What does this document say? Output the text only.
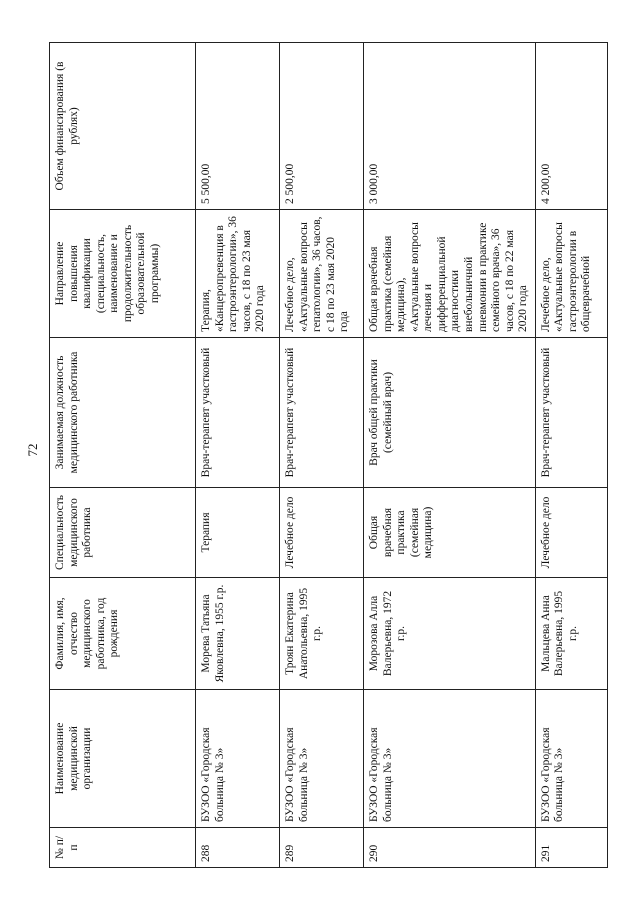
72
№ п/п	Наименование медицинской организации	Фамилия, имя, отчество медицинского работника, год рождения	Специальность медицинского работника	Занимаемая должность медицинского работника	Направление повышения квалификации (специальность, наименование и продолжительность образовательной программы)	Объем финансирования (в рублях)
288	БУЗОО «Городская больница № 3»	Морева Татьяна Яковлевна, 1955 г.р.	Терапия	Врач-терапевт участковый	Терапия, «Канцеропревенция в гастроэнтерологии», 36 часов, с 18 по 23 мая 2020 года	5 500,00
289	БУЗОО «Городская больница № 3»	Троян Екатерина Анатольевна, 1995 г.р.	Лечебное дело	Врач-терапевт участковый	Лечебное дело, «Актуальные вопросы гепатологии», 36 часов, с 18 по 23 мая 2020 года	2 500,00
290	БУЗОО «Городская больница № 3»	Морозова Алла Валерьевна, 1972 г.р.	Общая врачебная практика (семейная медицина)	Врач общей практики (семейный врач)	Общая врачебная практика (семейная медицина), «Актуальные вопросы лечения и дифференциальной диагностики внебольничной пневмонии в практике семейного врача», 36 часов, с 18 по 22 мая 2020 года	3 000,00
291	БУЗОО «Городская больница № 3»	Мальцева Анна Валерьевна, 1995 г.р.	Лечебное дело	Врач-терапевт участковый	Лечебное дело, «Актуальные вопросы гастроэнтерологии в общеврачебной	4 200,00
